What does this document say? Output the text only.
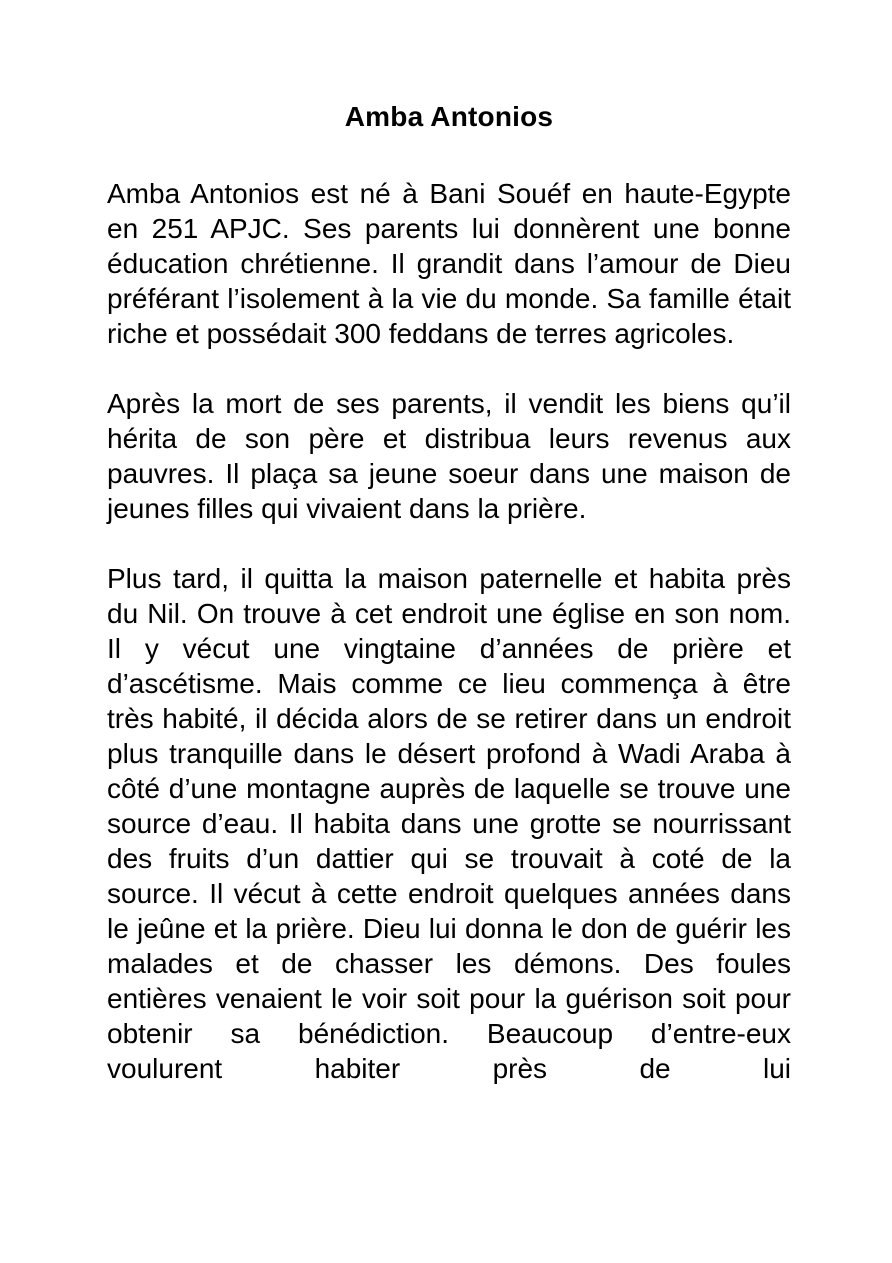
Amba Antonios

Amba Antonios est né à Bani Souéf en haute-Egypte en 251 APJC. Ses parents lui donnèrent une bonne éducation chrétienne. Il grandit dans l’amour de Dieu préférant l’isolement à la vie du monde. Sa famille était riche et possédait 300 feddans de terres agricoles.

Après la mort de ses parents, il vendit les biens qu’il hérita de son père et distribua leurs revenus aux pauvres. Il plaça sa jeune soeur dans une maison de jeunes filles qui vivaient dans la prière.

Plus tard, il quitta la maison paternelle et habita près du Nil. On trouve à cet endroit une église en son nom. Il y vécut une vingtaine d’années de prière et d’ascétisme. Mais comme ce lieu commença à être très habité, il décida alors de se retirer dans un endroit plus tranquille dans le désert profond à Wadi Araba à côté d’une montagne auprès de laquelle se trouve une source d’eau. Il habita dans une grotte se nourrissant des fruits d’un dattier qui se trouvait à coté de la source. Il vécut à cette endroit quelques années dans le jeûne et la prière. Dieu lui donna le don de guérir les malades et de chasser les démons. Des foules entières venaient le voir soit pour la guérison soit pour obtenir sa bénédiction. Beaucoup d’entre-eux voulurent habiter près de lui
